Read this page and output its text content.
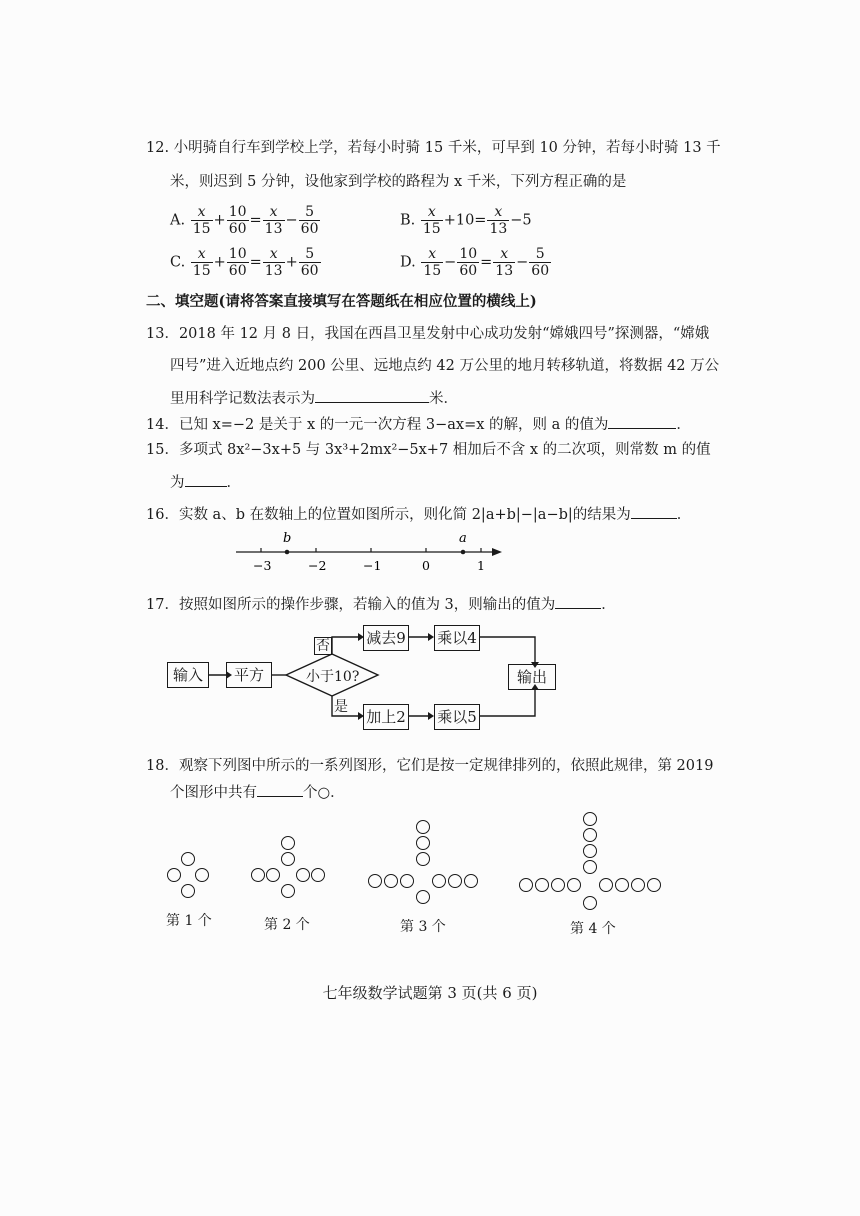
12. 小明骑自行车到学校上学，若每小时骑 15 千米，可早到 10 分钟，若每小时骑 13 千
米，则迟到 5 分钟，设他家到学校的路程为 x 千米，下列方程正确的是
A. $\frac{x}{15} + \frac{10}{60} = \frac{x}{13} - \frac{5}{60}$	B. $\frac{x}{15} +10= \frac{x}{13} -5$
C. $\frac{x}{15} + \frac{10}{60} = \frac{x}{13} + \frac{5}{60}$	D. $\frac{x}{15} - \frac{10}{60} = \frac{x}{13} - \frac{5}{60}$
二、填空题(请将答案直接填写在答题纸在相应位置的横线上)
13．2018 年 12 月 8 日，我国在西昌卫星发射中心成功发射“嫦娥四号”探测器，“嫦娥
四号”进入近地点约 200 公里、远地点约 42 万公里的地月转移轨道，将数据 42 万公
里用科学记数法表示为	米．
14．已知 x=−2 是关于 x 的一元一次方程 3−ax=x 的解，则 a 的值为	．
15．多项式 8x²−3x+5 与 3x³+2mx²−5x+7 相加后不含 x 的二次项，则常数 m 的值
为	．
16．实数 a、b 在数轴上的位置如图所示，则化简 2|a+b|−|a−b|的结果为	．
b	a
−3	−2	−1	0	1
17．按照如图所示的操作步骤，若输入的值为 3，则输出的值为	．
输入	平方	小于10?
否
是
减去9 乘以4
加上2 乘以5
输出
18．观察下列图中所示的一系列图形，它们是按一定规律排列的，依照此规律，第 2019
个图形中共有	个○．
第 1 个	第 2 个	第 3 个	第 4 个
七年级数学试题第 3 页(共 6 页)
